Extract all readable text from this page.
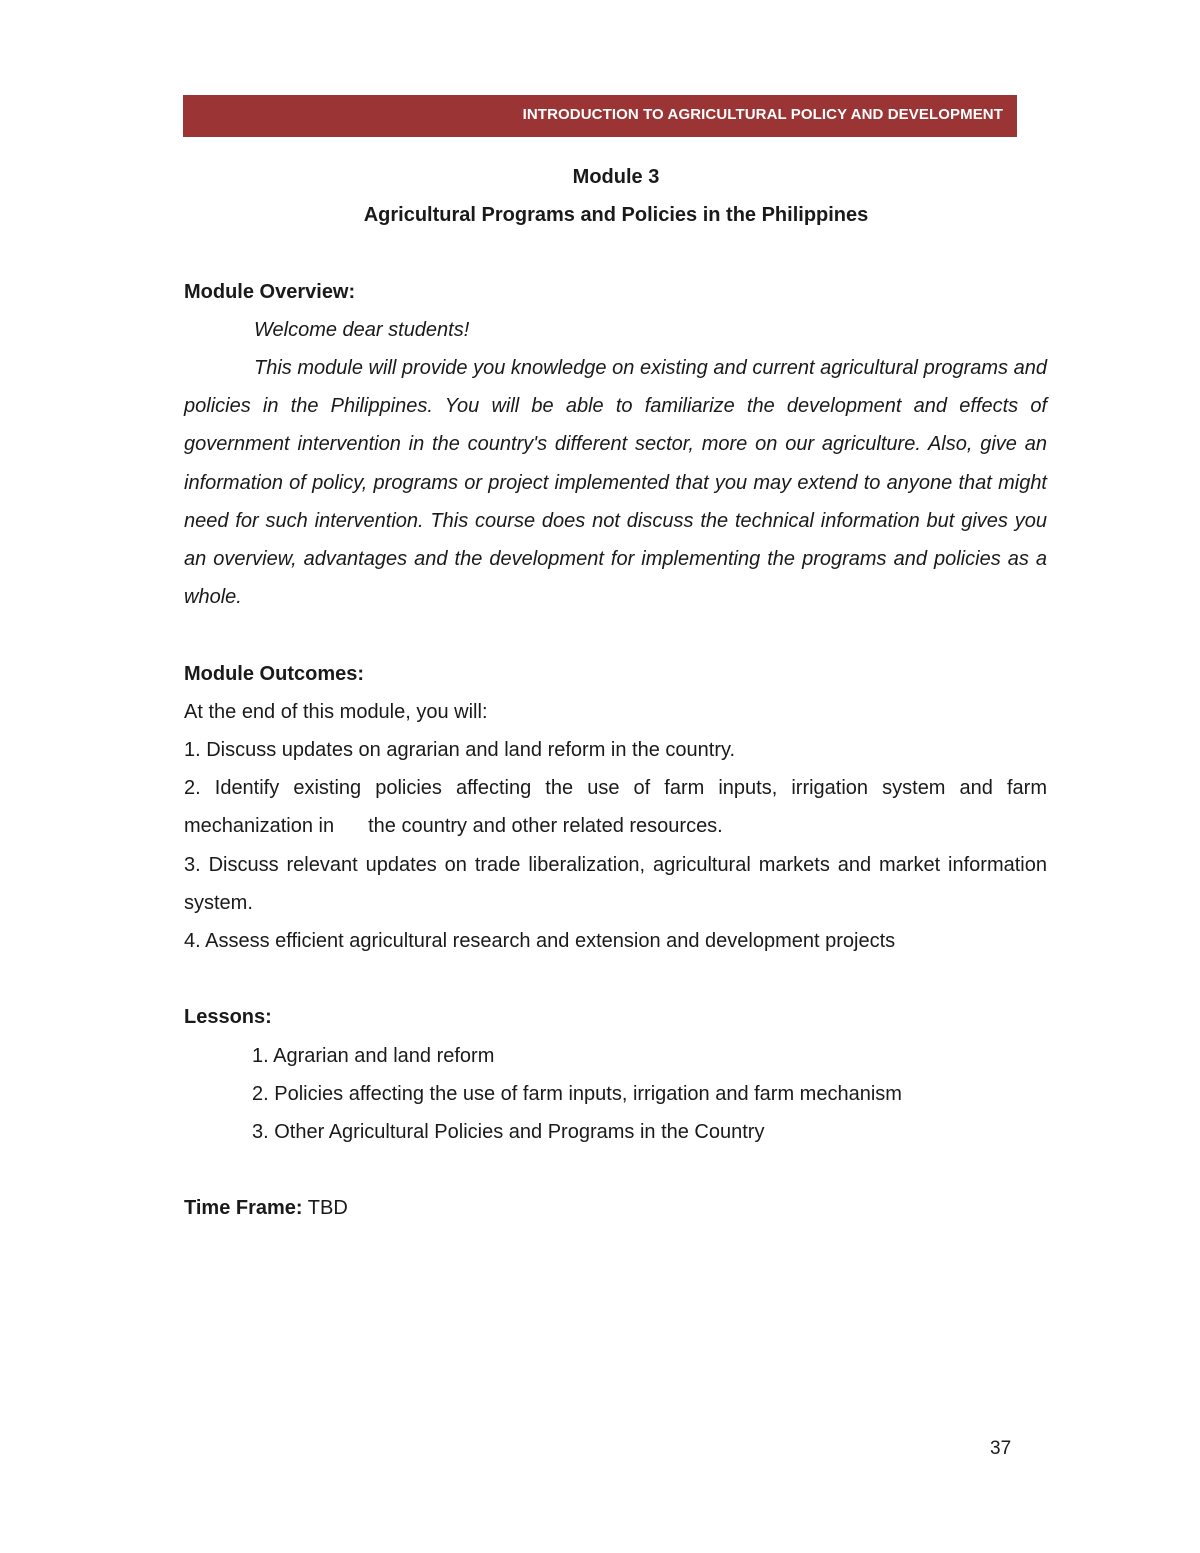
INTRODUCTION TO AGRICULTURAL POLICY AND DEVELOPMENT

Module 3

Agricultural Programs and Policies in the Philippines

Module Overview:

Welcome dear students!

This module will provide you knowledge on existing and current agricultural programs and policies in the Philippines. You will be able to familiarize the development and effects of government intervention in the country's different sector, more on our agriculture. Also, give an information of policy, programs or project implemented that you may extend to anyone that might need for such intervention. This course does not discuss the technical information but gives you an overview, advantages and the development for implementing the programs and policies as a whole.

Module Outcomes:

At the end of this module, you will:

1. Discuss updates on agrarian and land reform in the country.

2. Identify existing policies affecting the use of farm inputs, irrigation system and farm mechanization in the country and other related resources.

3. Discuss relevant updates on trade liberalization, agricultural markets and market information system.

4. Assess efficient agricultural research and extension and development projects

Lessons:

1. Agrarian and land reform

2. Policies affecting the use of farm inputs, irrigation and farm mechanism

3. Other Agricultural Policies and Programs in the Country

Time Frame: TBD

37
